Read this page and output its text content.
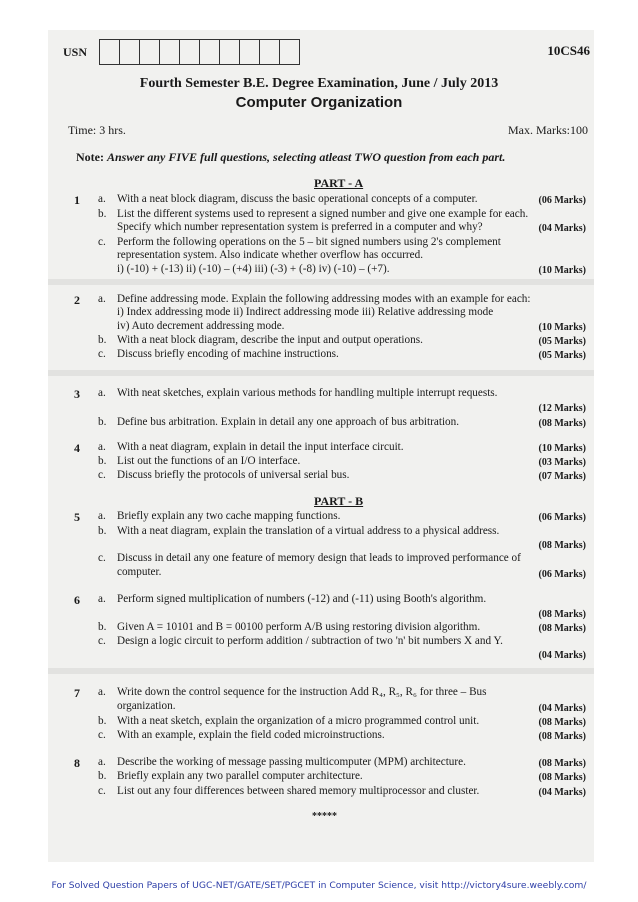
USN	10CS46
Fourth Semester B.E. Degree Examination, June / July 2013
Computer Organization
Time: 3 hrs.	Max. Marks:100
Note: Answer any FIVE full questions, selecting atleast TWO question from each part.
PART - A
1 a. With a neat block diagram, discuss the basic operational concepts of a computer.	(06 Marks)
b. List the different systems used to represent a signed number and give one example for each.
Specify which number representation system is preferred in a computer and why?	(04 Marks)
c. Perform the following operations on the 5 – bit signed numbers using 2's complement
representation system. Also indicate whether overflow has occurred.
i) (-10) + (-13) ii) (-10) – (+4) iii) (-3) + (-8) iv) (-10) – (+7).	(10 Marks)
2 a. Define addressing mode. Explain the following addressing modes with an example for each:
i) Index addressing mode ii) Indirect addressing mode iii) Relative addressing mode
iv) Auto decrement addressing mode.	(10 Marks)
b. With a neat block diagram, describe the input and output operations.	(05 Marks)
c. Discuss briefly encoding of machine instructions.	(05 Marks)
3 a. With neat sketches, explain various methods for handling multiple interrupt requests.
(12 Marks)
b. Define bus arbitration. Explain in detail any one approach of bus arbitration.	(08 Marks)
4 a. With a neat diagram, explain in detail the input interface circuit.	(10 Marks)
b. List out the functions of an I/O interface.	(03 Marks)
c. Discuss briefly the protocols of universal serial bus.	(07 Marks)
PART - B
5 a. Briefly explain any two cache mapping functions.	(06 Marks)
b. With a neat diagram, explain the translation of a virtual address to a physical address.
(08 Marks)
c. Discuss in detail any one feature of memory design that leads to improved performance of
computer.	(06 Marks)
6 a. Perform signed multiplication of numbers (-12) and (-11) using Booth's algorithm.
(08 Marks)
b. Given A = 10101 and B = 00100 perform A/B using restoring division algorithm.	(08 Marks)
c. Design a logic circuit to perform addition / subtraction of two 'n' bit numbers X and Y.
(04 Marks)
7 a. Write down the control sequence for the instruction Add R₄, R₅, R₆ for three – Bus
organization.	(04 Marks)
b. With a neat sketch, explain the organization of a micro programmed control unit.	(08 Marks)
c. With an example, explain the field coded microinstructions.	(08 Marks)
8 a. Describe the working of message passing multicomputer (MPM) architecture.	(08 Marks)
b. Briefly explain any two parallel computer architecture.	(08 Marks)
c. List out any four differences between shared memory multiprocessor and cluster.	(04 Marks)
*****
For Solved Question Papers of UGC-NET/GATE/SET/PGCET in Computer Science, visit http://victory4sure.weebly.com/
